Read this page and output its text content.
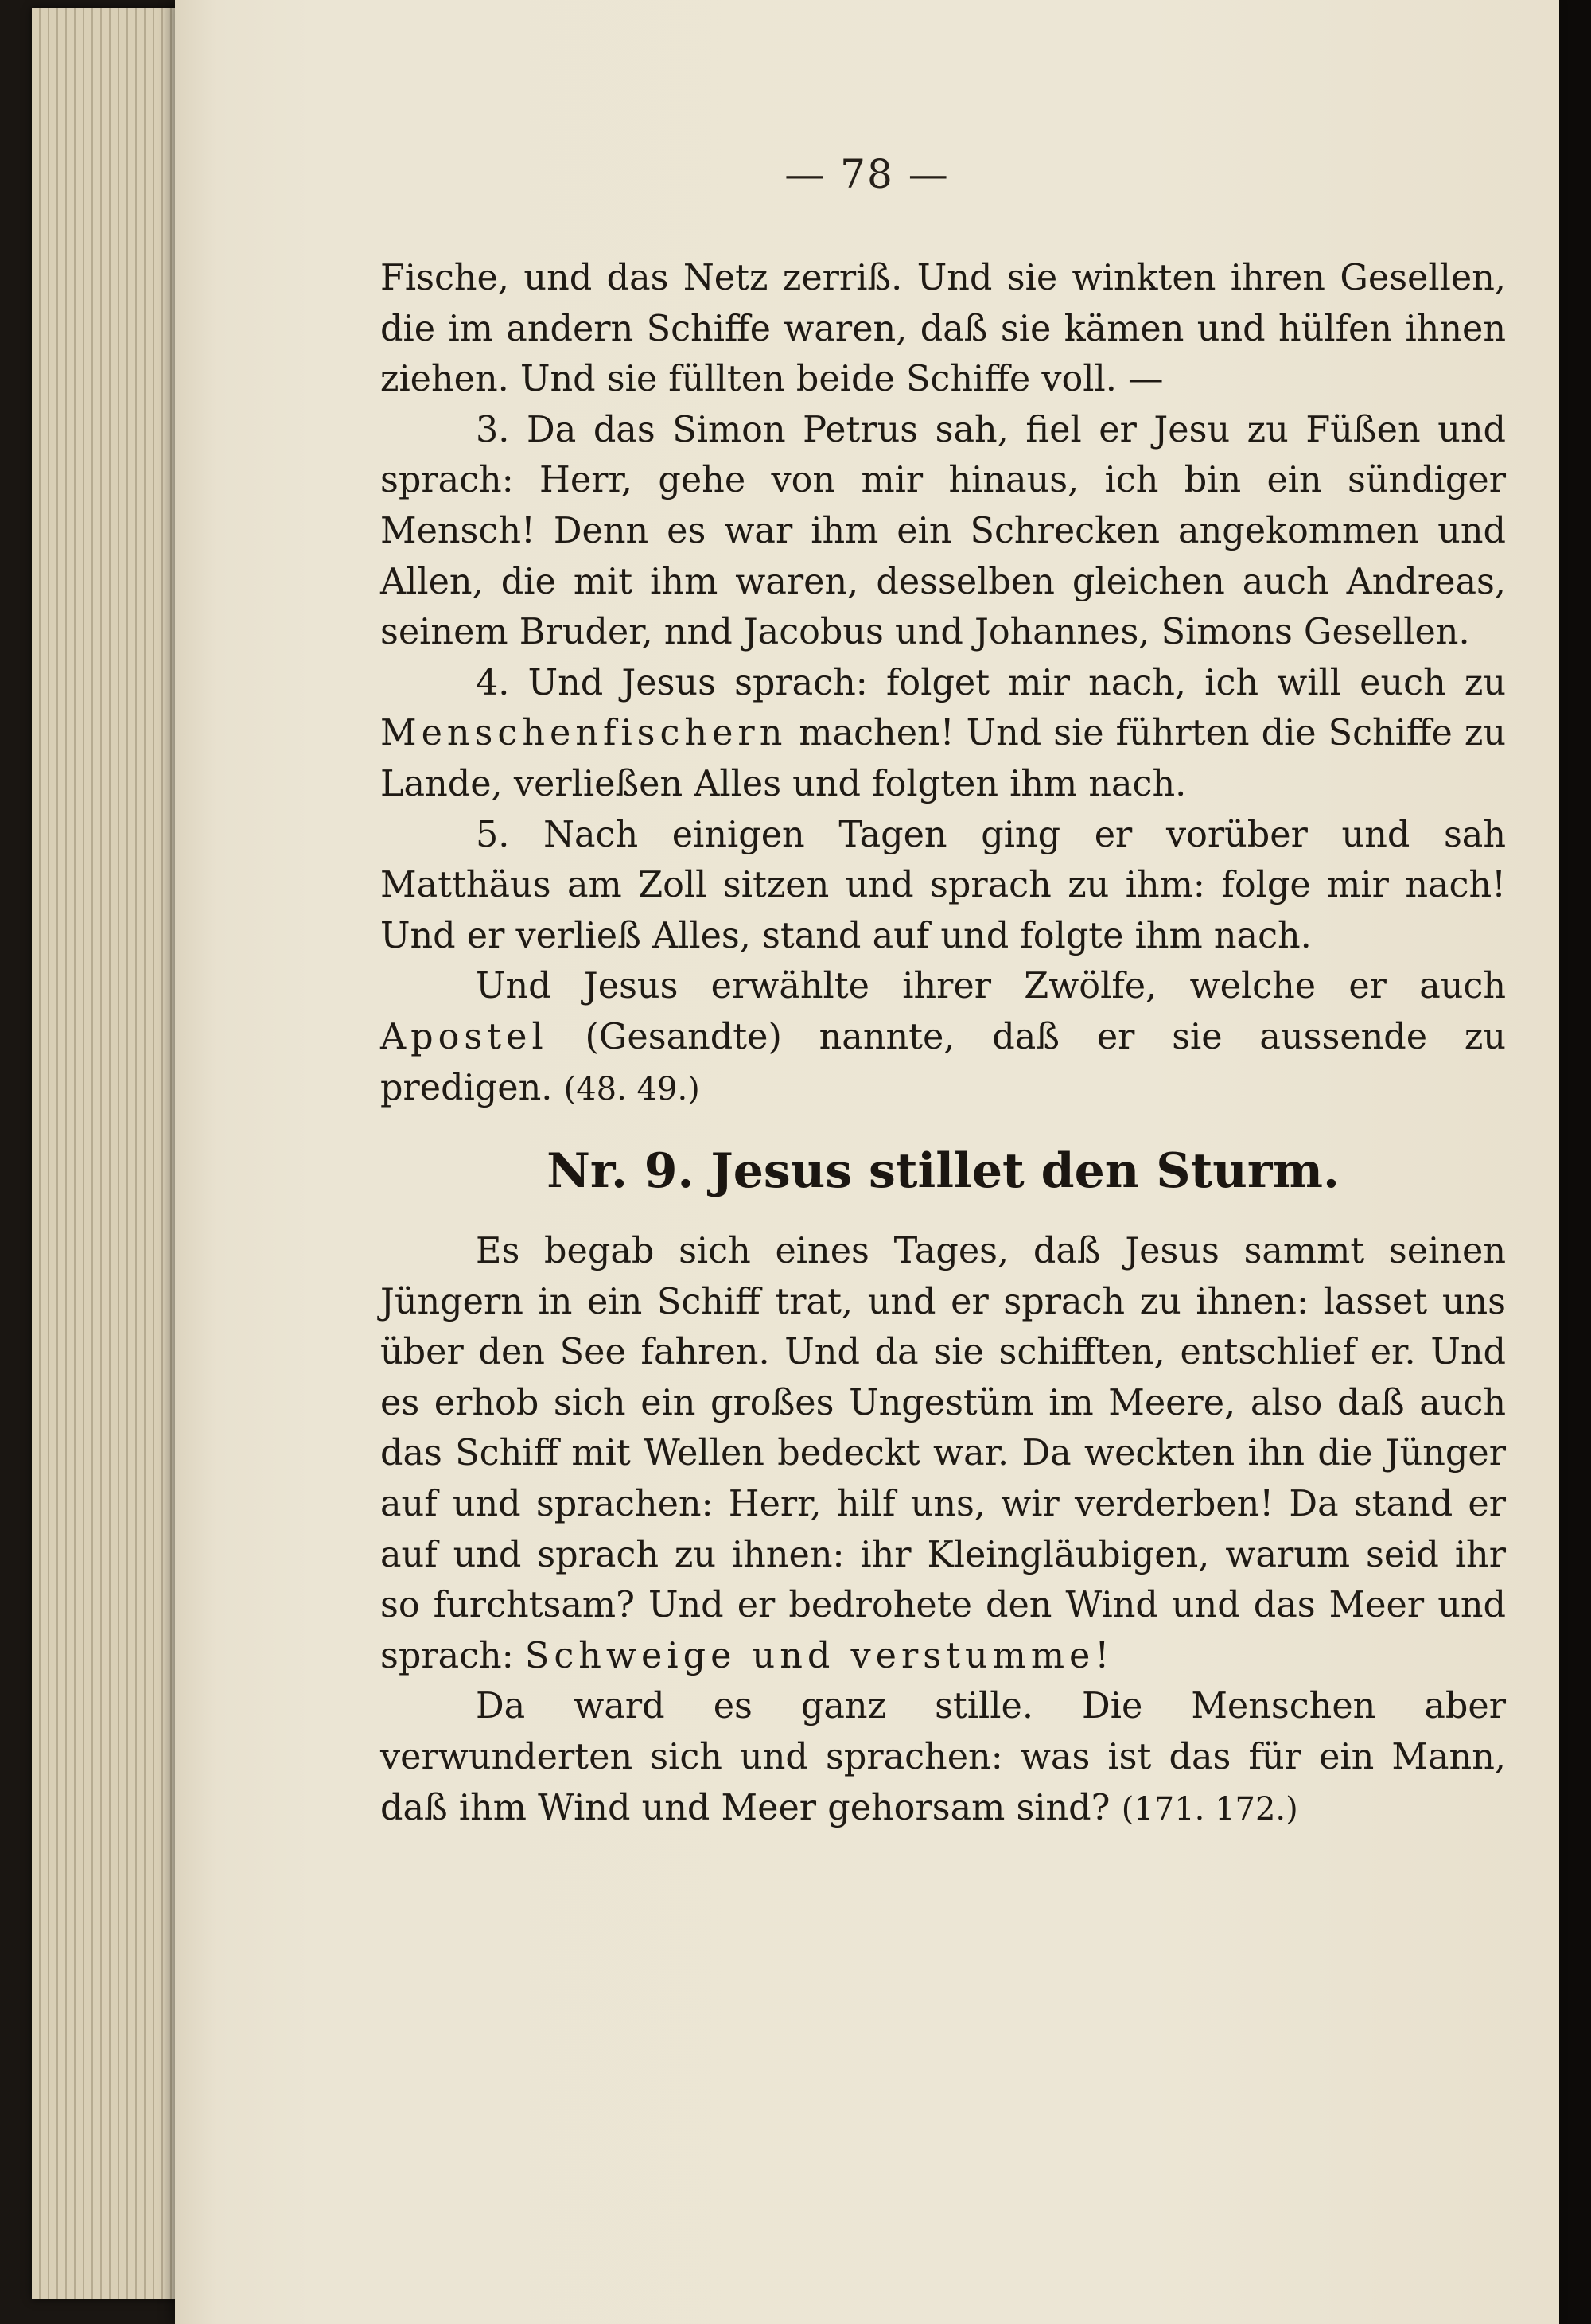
— 78 —

Fische, und das Netz zerriß. Und sie winkten ihren Gesellen, die im andern Schiffe waren, daß sie kämen und hülfen ihnen ziehen. Und sie füllten beide Schiffe voll. —

3. Da das Simon Petrus sah, fiel er Jesu zu Füßen und sprach: Herr, gehe von mir hinaus, ich bin ein sündiger Mensch! Denn es war ihm ein Schrecken angekommen und Allen, die mit ihm waren, desselben gleichen auch Andreas, seinem Bruder, nnd Jacobus und Johannes, Simons Gesellen.

4. Und Jesus sprach: folget mir nach, ich will euch zu Menschenfischern machen! Und sie führten die Schiffe zu Lande, verließen Alles und folgten ihm nach.

5. Nach einigen Tagen ging er vorüber und sah Matthäus am Zoll sitzen und sprach zu ihm: folge mir nach! Und er verließ Alles, stand auf und folgte ihm nach.

Und Jesus erwählte ihrer Zwölfe, welche er auch Apostel (Gesandte) nannte, daß er sie aussende zu predigen. (48. 49.)

Nr. 9. Jesus stillet den Sturm.

Es begab sich eines Tages, daß Jesus sammt seinen Jüngern in ein Schiff trat, und er sprach zu ihnen: lasset uns über den See fahren. Und da sie schifften, entschlief er. Und es erhob sich ein großes Ungestüm im Meere, also daß auch das Schiff mit Wellen bedeckt war. Da weckten ihn die Jünger auf und sprachen: Herr, hilf uns, wir verderben! Da stand er auf und sprach zu ihnen: ihr Kleingläubigen, warum seid ihr so furchtsam? Und er bedrohete den Wind und das Meer und sprach: Schweige und verstumme!

Da ward es ganz stille. Die Menschen aber verwunderten sich und sprachen: was ist das für ein Mann, daß ihm Wind und Meer gehorsam sind? (171. 172.)
